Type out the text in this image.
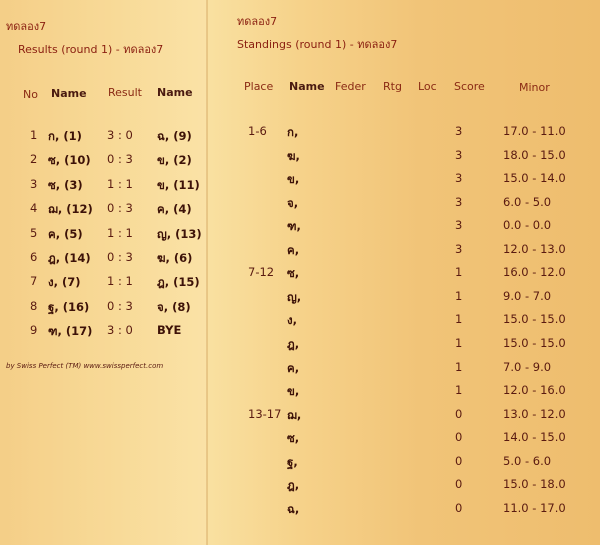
ทดลอง7
Results (round 1) - ทดลอง7
No Name Result Name
1 ก, (1) 3 : 0 ฉ, (9)
2 ซ, (10) 0 : 3 ข, (2)
3 ซ, (3) 1 : 1 ข, (11)
4 ฌ, (12) 0 : 3 ค, (4)
5 ค, (5) 1 : 1 ญ, (13)
6 ฎ, (14) 0 : 3 ฆ, (6)
7 ง, (7) 1 : 1 ฎ, (15)
8 ฐ, (16) 0 : 3 จ, (8)
9 ฑ, (17) 3 : 0 BYE
by Swiss Perfect (TM) www.swissperfect.com
ทดลอง7
Standings (round 1) - ทดลอง7
Place Name Feder Rtg Loc Score	Minor
1-6 ก,	3	17.0 - 11.0
ฆ,	3	18.0 - 15.0
ข,	3	15.0 - 14.0
จ,	3	6.0 - 5.0
ฑ,	3	0.0 - 0.0
ค,	3	12.0 - 13.0
7-12 ซ,	1	16.0 - 12.0
ญ,	1	9.0 - 7.0
ง,	1	15.0 - 15.0
ฎ,	1	15.0 - 15.0
ค,	1	7.0 - 9.0
ข,	1	12.0 - 16.0
13-17 ฌ,	0	13.0 - 12.0
ซ,	0	14.0 - 15.0
ฐ,	0	5.0 - 6.0
ฎ,	0	15.0 - 18.0
ฉ,	0	11.0 - 17.0
